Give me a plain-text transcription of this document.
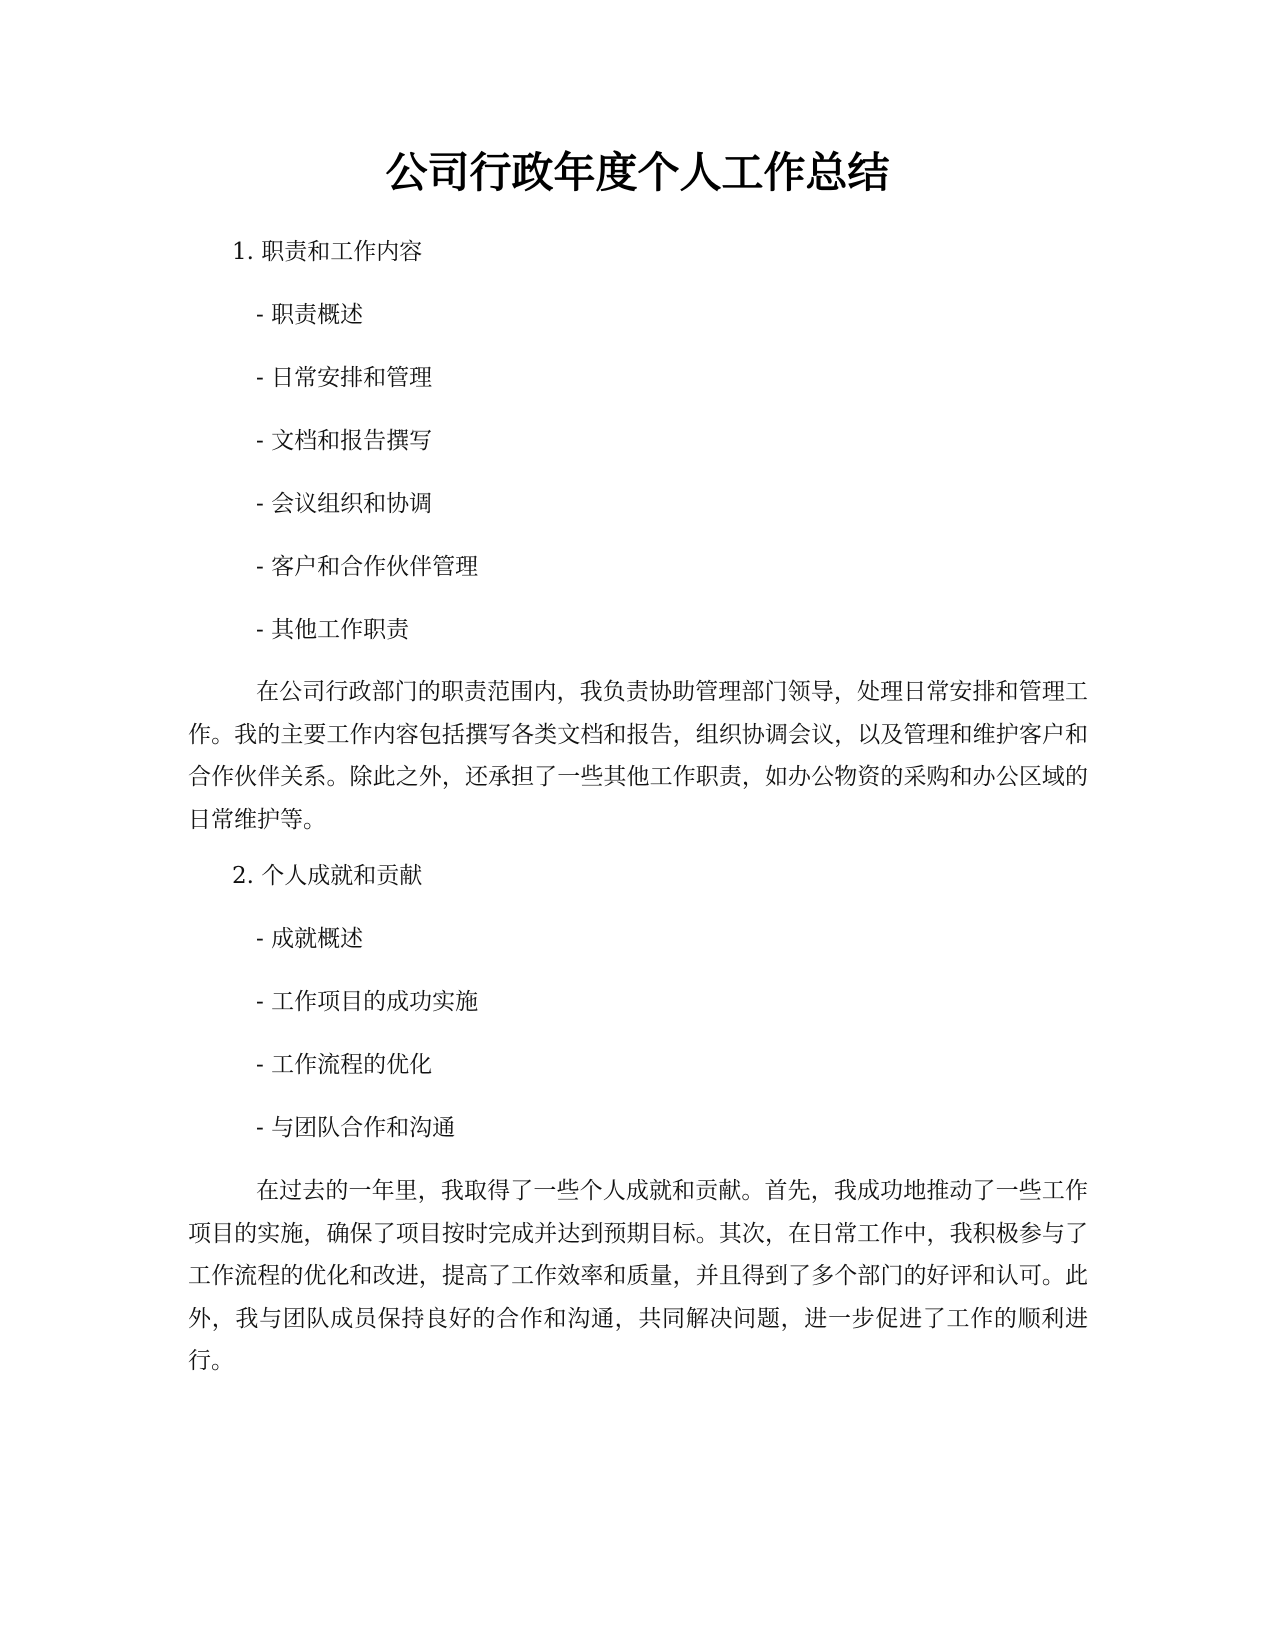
公司行政年度个人工作总结

1. 职责和工作内容

- 职责概述

- 日常安排和管理

- 文档和报告撰写

- 会议组织和协调

- 客户和合作伙伴管理

- 其他工作职责

在公司行政部门的职责范围内，我负责协助管理部门领导，处理日常安排和管理工作。我的主要工作内容包括撰写各类文档和报告，组织协调会议，以及管理和维护客户和合作伙伴关系。除此之外，还承担了一些其他工作职责，如办公物资的采购和办公区域的日常维护等。

2. 个人成就和贡献

- 成就概述

- 工作项目的成功实施

- 工作流程的优化

- 与团队合作和沟通

在过去的一年里，我取得了一些个人成就和贡献。首先，我成功地推动了一些工作项目的实施，确保了项目按时完成并达到预期目标。其次，在日常工作中，我积极参与了工作流程的优化和改进，提高了工作效率和质量，并且得到了多个部门的好评和认可。此外，我与团队成员保持良好的合作和沟通，共同解决问题，进一步促进了工作的顺利进行。
